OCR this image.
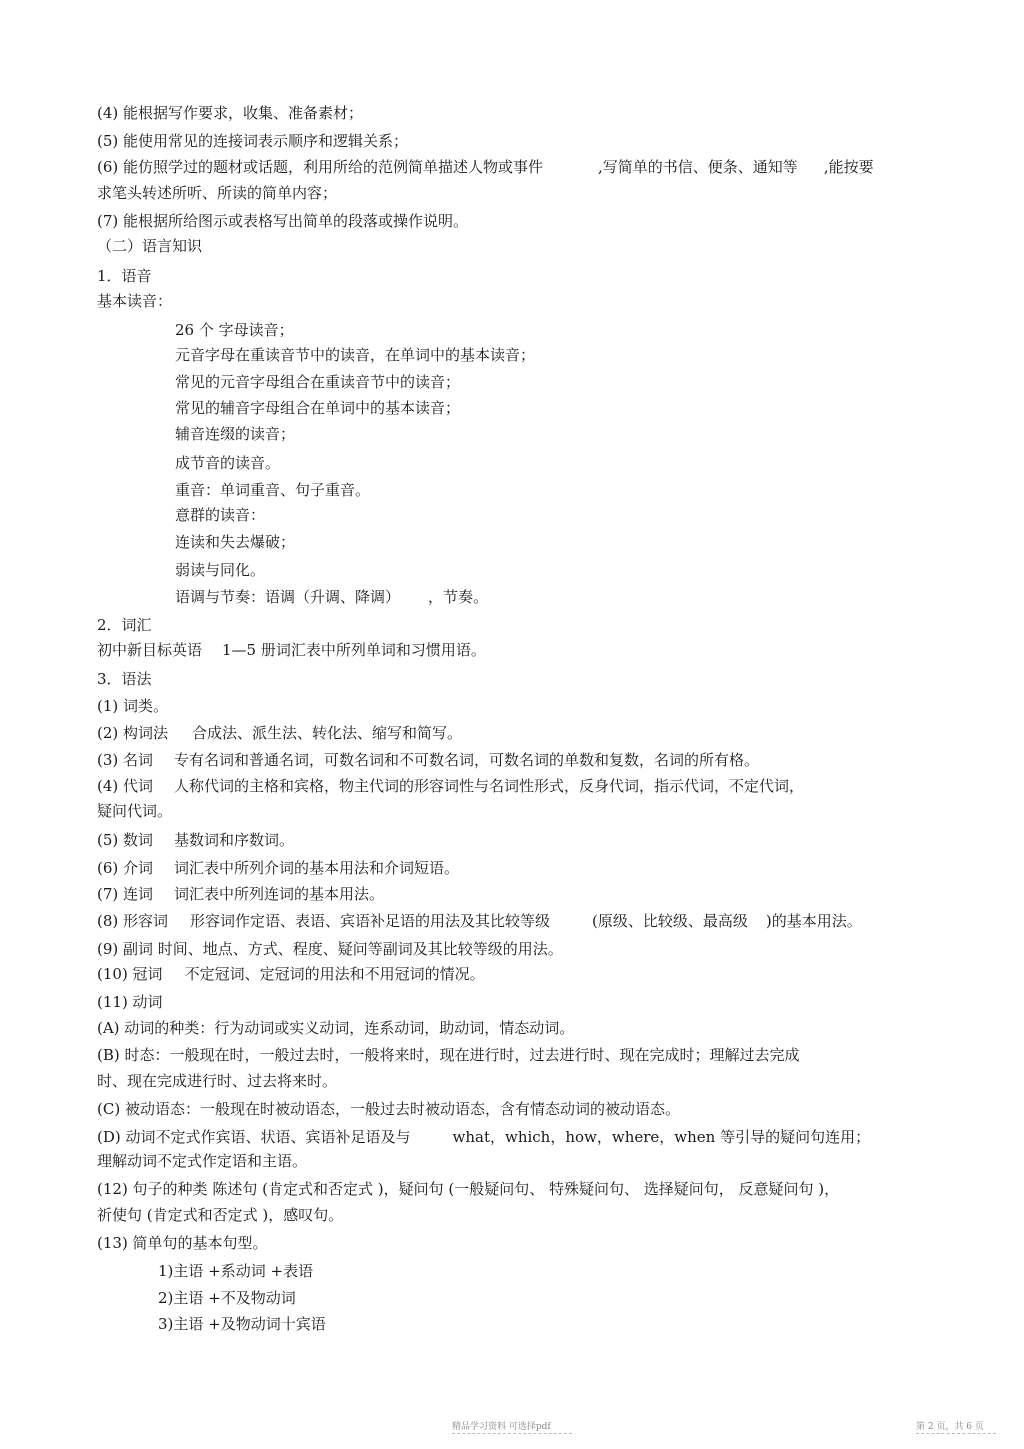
(4) 能根据写作要求，收集、准备素材；
(5) 能使用常见的连接词表示顺序和逻辑关系；
(6) 能仿照学过的题材或话题，利用所给的范例简单描述人物或事件	,写简单的书信、便条、通知等 ,能按要
求笔头转述所听、所读的简单内容；
(7) 能根据所给图示或表格写出简单的段落或操作说明。
（二）语言知识
1．语音
基本读音：
26 个 字母读音；
元音字母在重读音节中的读音，在单词中的基本读音；
常见的元音字母组合在重读音节中的读音；
常见的辅音字母组合在单词中的基本读音；
辅音连缀的读音；
成节音的读音。
重音：单词重音、句子重音。
意群的读音：
连读和失去爆破；
弱读与同化。
语调与节奏：语调（升调、降调） ，节奏。
2．词汇
初中新目标英语 1—5 册词汇表中所列单词和习惯用语。
3．语法
(1) 词类。
(2) 构词法 合成法、派生法、转化法、缩写和简写。
(3) 名词 专有名词和普通名词，可数名词和不可数名词，可数名词的单数和复数，名词的所有格。
(4) 代词 人称代词的主格和宾格，物主代词的形容词性与名词性形式，反身代词，指示代词，不定代词，
疑问代词。
(5) 数词 基数词和序数词。
(6) 介词 词汇表中所列介词的基本用法和介词短语。
(7) 连词 词汇表中所列连词的基本用法。
(8) 形容词 形容词作定语、表语、宾语补足语的用法及其比较等级	(原级、比较级、最高级 )的基本用法。
(9) 副词 时间、地点、方式、程度、疑问等副词及其比较等级的用法。
(10) 冠词 不定冠词、定冠词的用法和不用冠词的情况。
(11) 动词
(A) 动词的种类：行为动词或实义动词，连系动词，助动词，情态动词。
(B) 时态：一般现在时，一般过去时，一般将来时，现在进行时，过去进行时、现在完成时；理解过去完成
时、现在完成进行时、过去将来时。
(C) 被动语态：一般现在时被动语态，一般过去时被动语态，含有情态动词的被动语态。
(D) 动词不定式作宾语、状语、宾语补足语及与	what，which，how，where，when 等引导的疑问句连用；
理解动词不定式作定语和主语。
(12) 句子的种类 陈述句 (肯定式和否定式 )，疑问句 (一般疑问句、 特殊疑问句、 选择疑问句， 反意疑问句 )，
祈使句 (肯定式和否定式 )，感叹句。
(13) 简单句的基本句型。
1)主语 +系动词 +表语
2)主语 +不及物动词
3)主语 +及物动词十宾语
精品学习资料 可选择pdf	第 2 页，共 6 页
